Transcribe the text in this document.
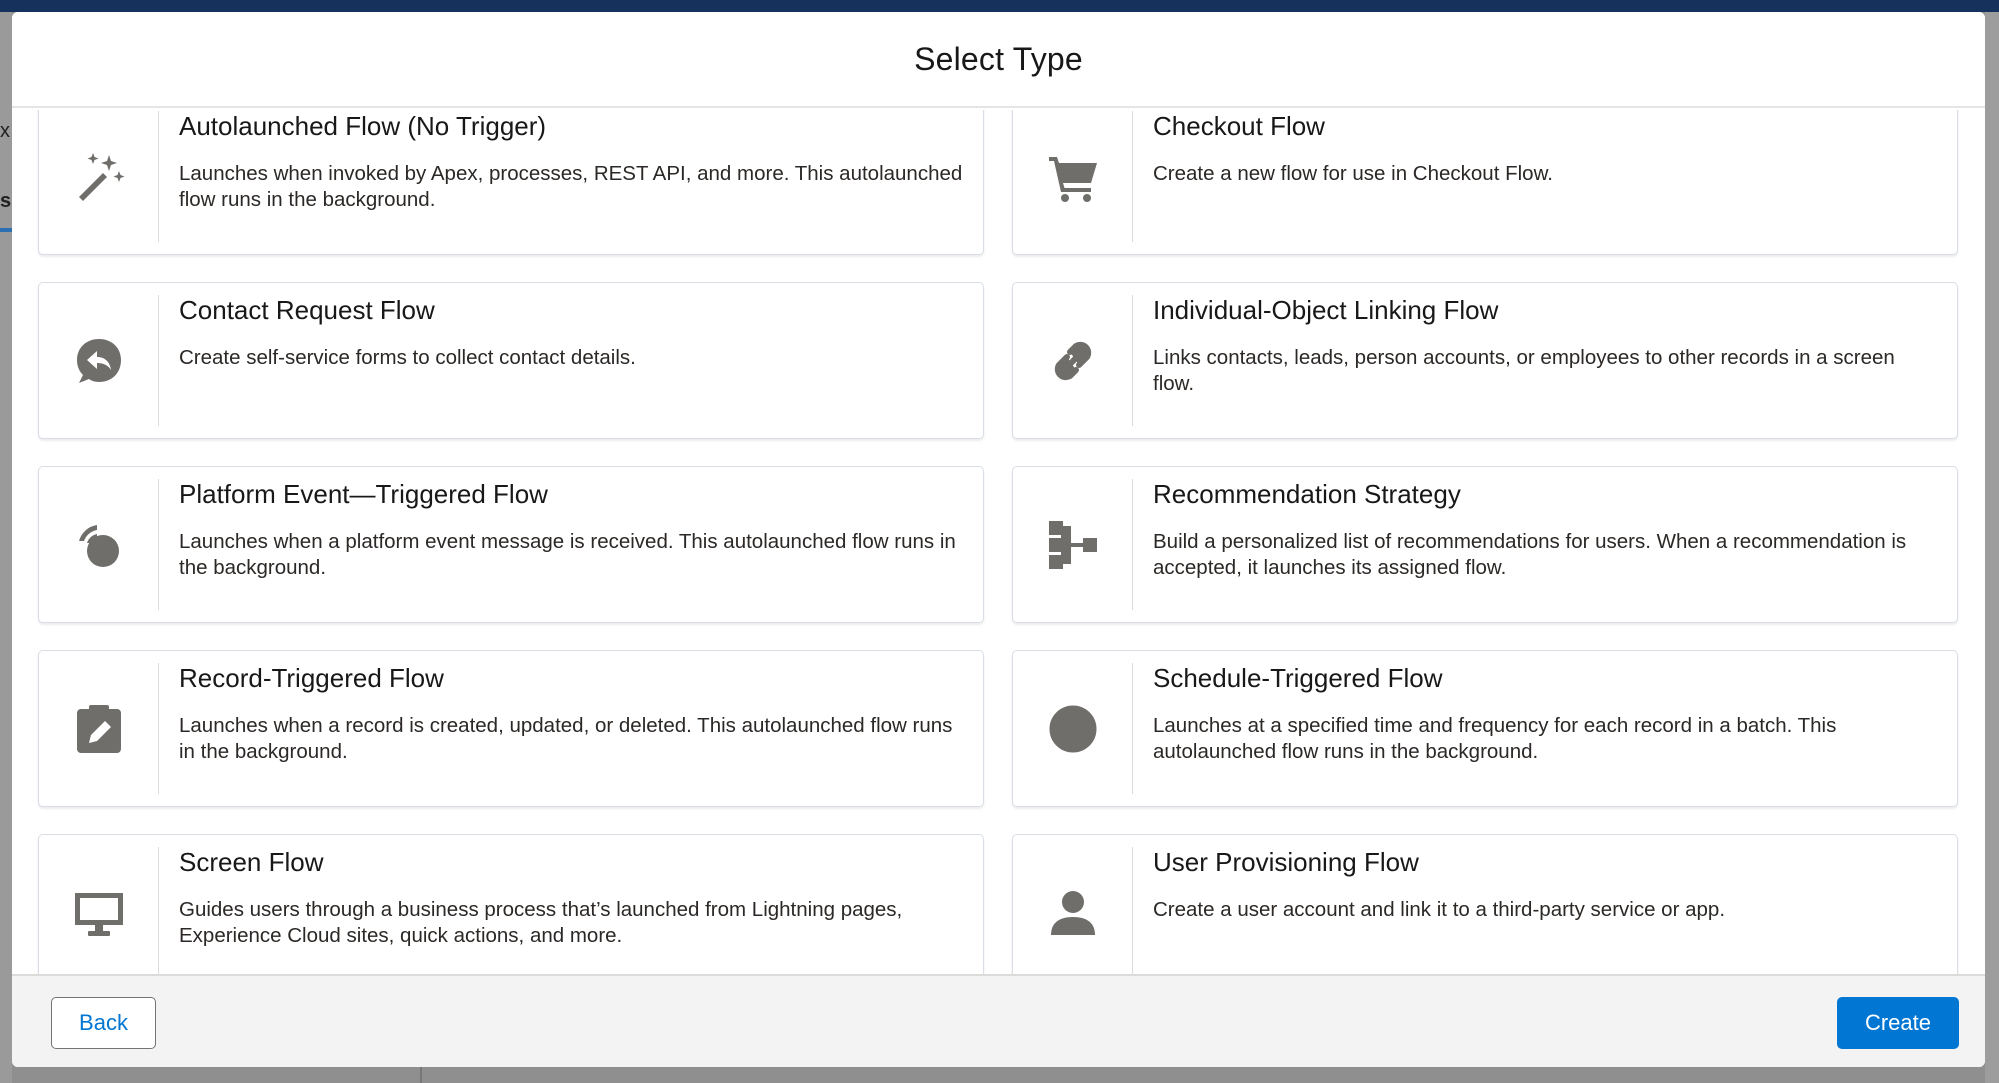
x
s
Select Type
Autolaunched Flow (No Trigger)
Launches when invoked by Apex, processes, REST API, and more. This autolaunched flow runs in the background.
Checkout Flow
Create a new flow for use in Checkout Flow.
Contact Request Flow
Create self-service forms to collect contact details.
Individual-Object Linking Flow
Links contacts, leads, person accounts, or employees to other records in a screen flow.
Platform Event—Triggered Flow
Launches when a platform event message is received. This autolaunched flow runs in the background.
Recommendation Strategy
Build a personalized list of recommendations for users. When a recommendation is accepted, it launches its assigned flow.
Record-Triggered Flow
Launches when a record is created, updated, or deleted. This autolaunched flow runs in the background.
Schedule-Triggered Flow
Launches at a specified time and frequency for each record in a batch. This autolaunched flow runs in the background.
Screen Flow
Guides users through a business process that’s launched from Lightning pages, Experience Cloud sites, quick actions, and more.
User Provisioning Flow
Create a user account and link it to a third-party service or app.
Back	Create
